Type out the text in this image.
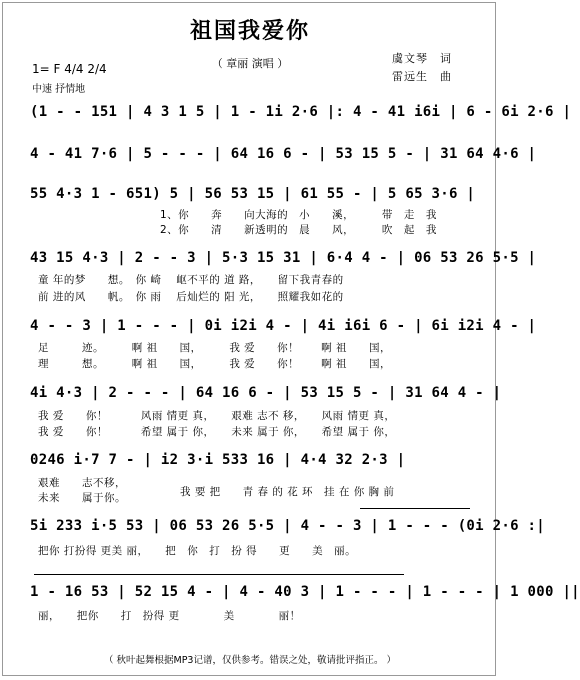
祖国我爱你
（ 章丽 演唱 ）
1= F 4/4 2/4
中速 抒情地
虞文琴　词
雷远生　曲
(1 - - 151 | 4 3 1 5 | 1 - 1i 2·6 |: 4 - 41 i6i | 6 - 6i 2·6 |
4 - 41 7·6 | 5 - - - | 64 16 6 - | 53 15 5 - | 31 64 4·6 |
55 4·3 1 - 651) 5 | 56 53 15 | 61 55 - | 5 65 3·6 |
1、你　　奔　　向大海的　小　　溪，　　　带　走　我
2、你　　清　　新透明的　晨　　风，　　　吹　起　我
43 15 4·3 | 2 - - 3 | 5·3 15 31 | 6·4 4 - | 06 53 26 5·5 |
童 年的梦　　想。　你 崎　 岖不平的 道 路，　　留下我青春的
前 进的风　　帆。　你 雨　 后灿烂的 阳 光，　　照耀我如花的
4 - - 3 | 1 - - - | 0i i2i 4 - | 4i i6i 6 - | 6i i2i 4 - |
足　　　迹。　　　啊 祖　　国，　　　我 爱　　你！　　啊 祖　　国，
理　　　想。　　　啊 祖　　国，　　　我 爱　　你！　　啊 祖　　国，
4i 4·3 | 2 - - - | 64 16 6 - | 53 15 5 - | 31 64 4 - |
我 爱　　你！　　　风雨 情更 真，　　艰难 志不 移，　　风雨 情更 真，
我 爱　　你！　　　希望 属于 你，　　未来 属于 你，　　希望 属于 你，
0246 i·7 7 - | i2 3·i 533 16 | 4·4 32 2·3 |
艰难　　志不移，
未来　　属于你。	我 要 把　　青 春 的 花 环　挂 在 你 胸 前
5i 233 i·5 53 | 06 53 26 5·5 | 4 - - 3 | 1 - - - (0i 2·6 :|
把你 打扮得 更美 丽，　　把　你　打　扮 得　　更　　美　丽。
1 - 16 53 | 52 15 4 - | 4 - 40 3 | 1 - - - | 1 - - - | 1 000 ||
丽，　　把你　　打　扮得 更　　　　美　　　　丽！
（ 秋叶起舞根据MP3记谱，仅供参考。错误之处，敬请批评指正。 ）
